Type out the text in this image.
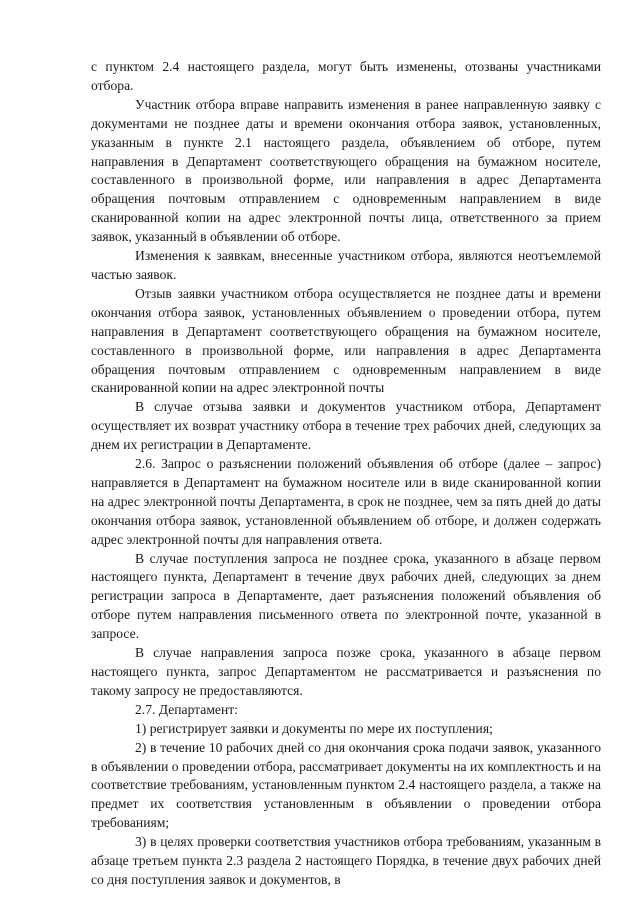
с пунктом 2.4 настоящего раздела, могут быть изменены, отозваны участниками отбора.

Участник отбора вправе направить изменения в ранее направленную заявку с документами не позднее даты и времени окончания отбора заявок, установленных, указанным в пункте 2.1 настоящего раздела, объявлением об отборе, путем направления в Департамент соответствующего обращения на бумажном носителе, составленного в произвольной форме, или направления в адрес Департамента обращения почтовым отправлением с одновременным направлением в виде сканированной копии на адрес электронной почты лица, ответственного за прием заявок, указанный в объявлении об отборе.

Изменения к заявкам, внесенные участником отбора, являются неотъемлемой частью заявок.

Отзыв заявки участником отбора осуществляется не позднее даты и времени окончания отбора заявок, установленных объявлением о проведении отбора, путем направления в Департамент соответствующего обращения на бумажном носителе, составленного в произвольной форме, или направления в адрес Департамента обращения почтовым отправлением с одновременным направлением в виде сканированной копии на адрес электронной почты

В случае отзыва заявки и документов участником отбора, Департамент осуществляет их возврат участнику отбора в течение трех рабочих дней, следующих за днем их регистрации в Департаменте.

2.6. Запрос о разъяснении положений объявления об отборе (далее – запрос) направляется в Департамент на бумажном носителе или в виде сканированной копии на адрес электронной почты Департамента, в срок не позднее, чем за пять дней до даты окончания отбора заявок, установленной объявлением об отборе, и должен содержать адрес электронной почты для направления ответа.

В случае поступления запроса не позднее срока, указанного в абзаце первом настоящего пункта, Департамент в течение двух рабочих дней, следующих за днем регистрации запроса в Департаменте, дает разъяснения положений объявления об отборе путем направления письменного ответа по электронной почте, указанной в запросе.

В случае направления запроса позже срока, указанного в абзаце первом настоящего пункта, запрос Департаментом не рассматривается и разъяснения по такому запросу не предоставляются.

2.7. Департамент:

1) регистрирует заявки и документы по мере их поступления;

2) в течение 10 рабочих дней со дня окончания срока подачи заявок, указанного в объявлении о проведении отбора, рассматривает документы на их комплектность и на соответствие требованиям, установленным пунктом 2.4 настоящего раздела, а также на предмет их соответствия установленным в объявлении о проведении отбора требованиям;

3) в целях проверки соответствия участников отбора требованиям, указанным в абзаце третьем пункта 2.3 раздела 2 настоящего Порядка, в течение двух рабочих дней со дня поступления заявок и документов, в
